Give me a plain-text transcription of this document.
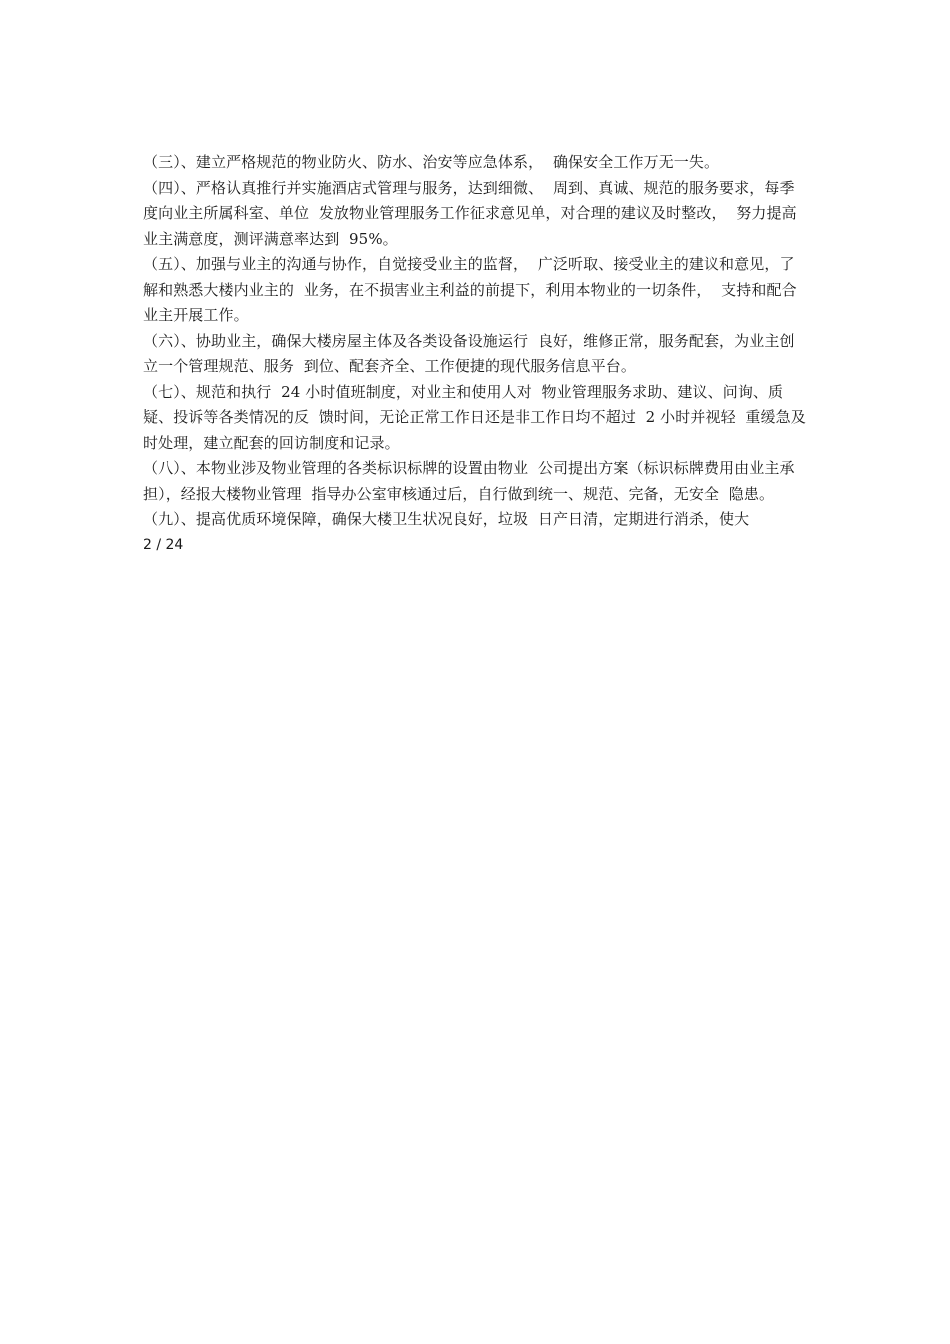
（三）、建立严格规范的物业防火、防水、治安等应急体系，  确保安全工作万无一失。

（四）、严格认真推行并实施酒店式管理与服务，达到细微、  周到、真诚、规范的服务要求，每季度向业主所属科室、单位  发放物业管理服务工作征求意见单，对合理的建议及时整改，  努力提高业主满意度，测评满意率达到  95%。

（五）、加强与业主的沟通与协作，自觉接受业主的监督，  广泛听取、接受业主的建议和意见，了解和熟悉大楼内业主的  业务，在不损害业主利益的前提下，利用本物业的一切条件，  支持和配合业主开展工作。

（六）、协助业主，确保大楼房屋主体及各类设备设施运行  良好，维修正常，服务配套，为业主创立一个管理规范、服务  到位、配套齐全、工作便捷的现代服务信息平台。

（七）、规范和执行  24 小时值班制度，对业主和使用人对  物业管理服务求助、建议、问询、质疑、投诉等各类情况的反  馈时间，无论正常工作日还是非工作日均不超过  2 小时并视轻  重缓急及时处理，建立配套的回访制度和记录。

（八）、本物业涉及物业管理的各类标识标牌的设置由物业  公司提出方案（标识标牌费用由业主承担），经报大楼物业管理  指导办公室审核通过后，自行做到统一、规范、完备，无安全  隐患。

（九）、提高优质环境保障，确保大楼卫生状况良好，垃圾  日产日清，定期进行消杀，使大

2 / 24
